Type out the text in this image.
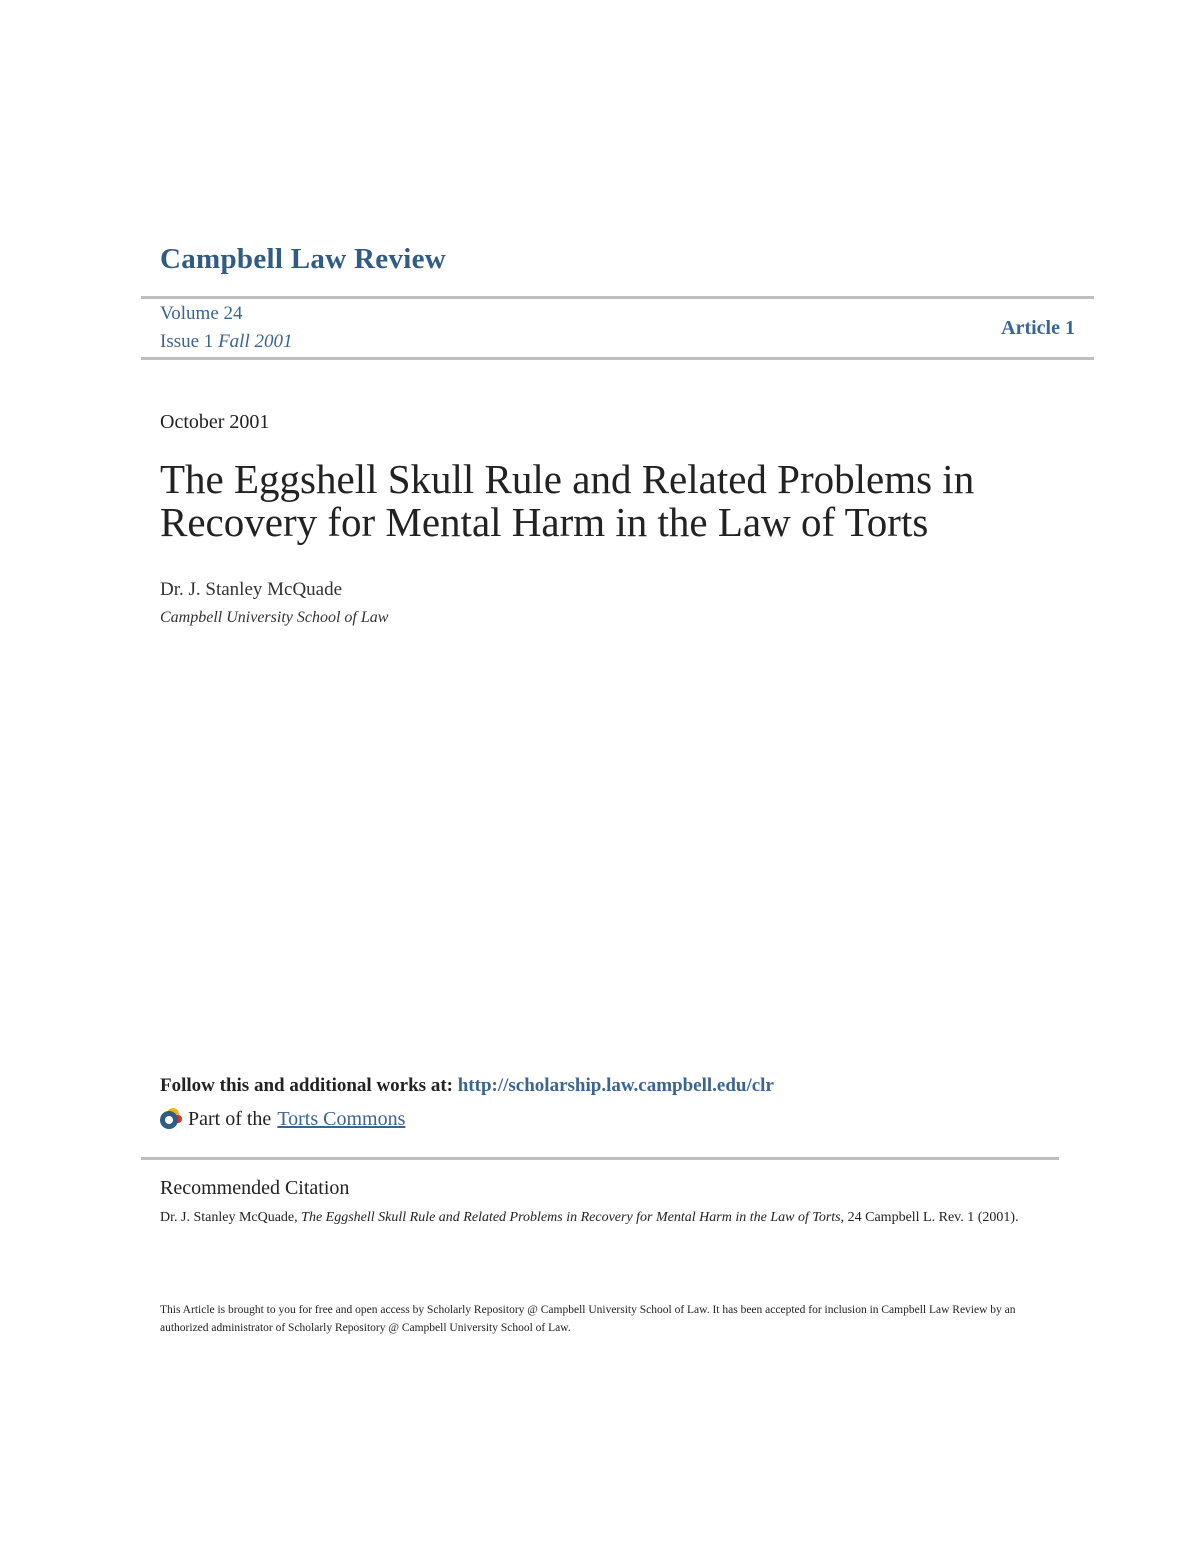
Campbell Law Review
Volume 24
Issue 1 Fall 2001
Article 1
October 2001
The Eggshell Skull Rule and Related Problems in
Recovery for Mental Harm in the Law of Torts
Dr. J. Stanley McQuade
Campbell University School of Law
Follow this and additional works at: http://scholarship.law.campbell.edu/clr
Part of the Torts Commons
Recommended Citation
Dr. J. Stanley McQuade, The Eggshell Skull Rule and Related Problems in Recovery for Mental Harm in the Law of Torts, 24 Campbell L. Rev. 1 (2001).
This Article is brought to you for free and open access by Scholarly Repository @ Campbell University School of Law. It has been accepted for inclusion in Campbell Law Review by an authorized administrator of Scholarly Repository @ Campbell University School of Law.
